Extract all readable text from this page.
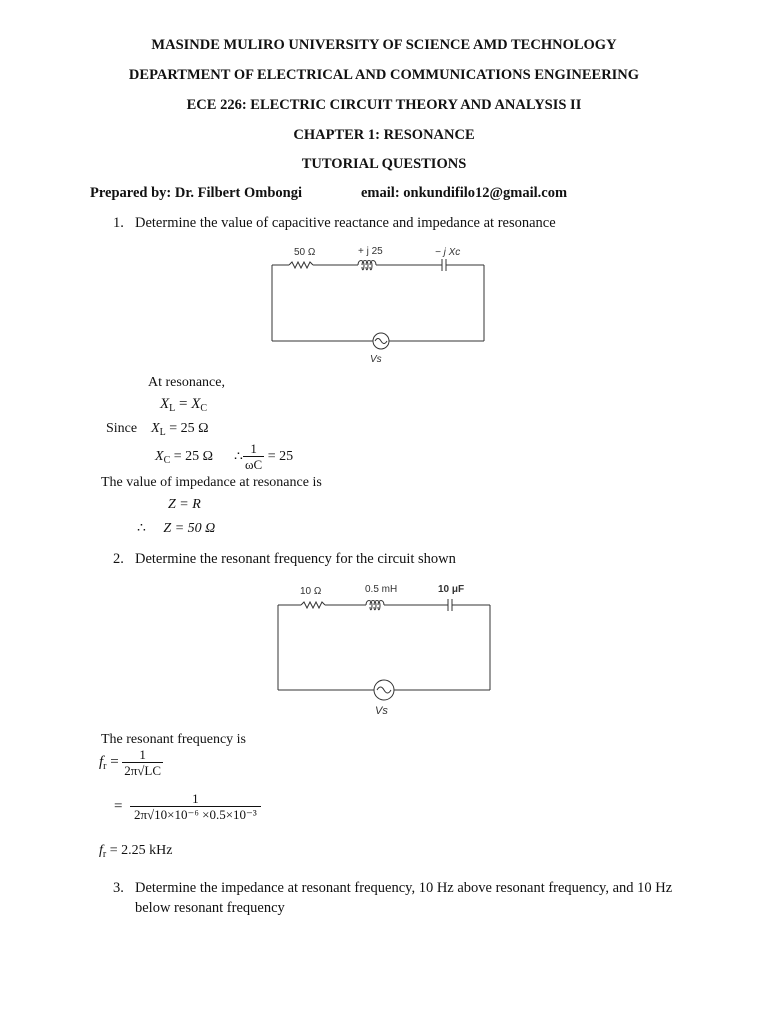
MASINDE MULIRO UNIVERSITY OF SCIENCE AMD TECHNOLOGY
DEPARTMENT OF ELECTRICAL AND COMMUNICATIONS ENGINEERING
ECE 226: ELECTRIC CIRCUIT THEORY AND ANALYSIS II
CHAPTER 1: RESONANCE
TUTORIAL QUESTIONS
Prepared by: Dr. Filbert Ombongi	email: onkundifilo12@gmail.com
1. Determine the value of capacitive reactance and impedance at resonance
50 Ω	+ j 25	− j Xc
Vs
At resonance,
$X_L = X_C$
Since $X_L = 25$ Ω
$X_C = 25$ Ω ∴ $\frac{1}{\omega C} = 25$
The value of impedance at resonance is
Z = R
∴ Z = 50 Ω
2. Determine the resonant frequency for the circuit shown
10 Ω	0.5 mH	10 μF
Vs
The resonant frequency is
$f_r = \frac{1}{2\pi√LC}$
= $\frac{1}{\text{2π√10×10⁻⁶ ×0.5×10⁻³}}$
$f_r = 2.25$ kHz
3. Determine the impedance at resonant frequency, 10 Hz above resonant frequency, and 10 Hz below resonant frequency
